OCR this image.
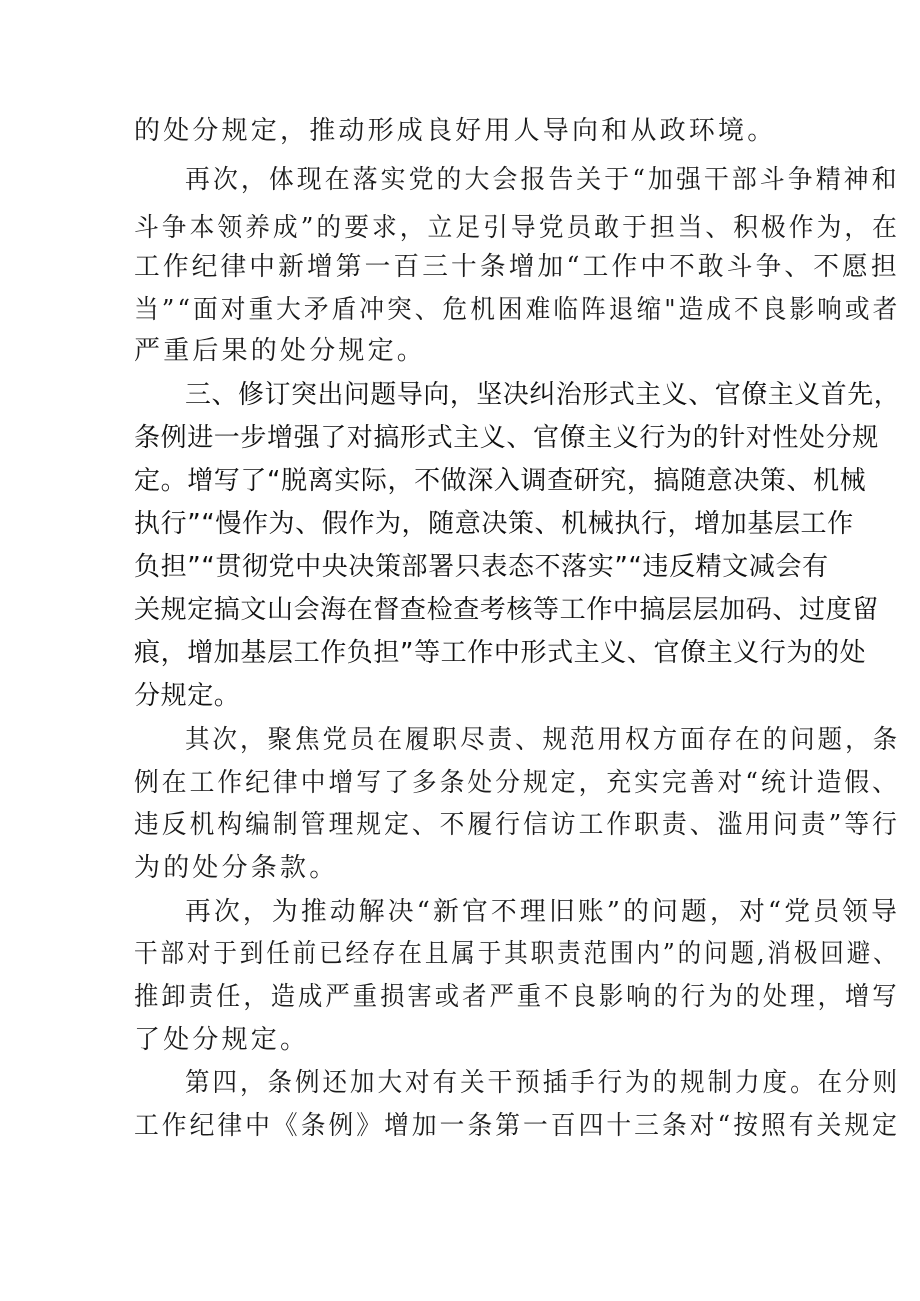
的处分规定，推动形成良好用人导向和从政环境。
再次，体现在落实党的大会报告关于“加强干部斗争精神和
斗争本领养成”的要求，立足引导党员敢于担当、积极作为，在
工作纪律中新增第一百三十条增加“工作中不敢斗争、不愿担
当”“面对重大矛盾冲突、危机困难临阵退缩"造成不良影响或者
严重后果的处分规定。
三、修订突出问题导向，坚决纠治形式主义、官僚主义首先，
条例进一步增强了对搞形式主义、官僚主义行为的针对性处分规
定。增写了“脱离实际，不做深入调查研究，搞随意决策、机械
执行”“慢作为、假作为，随意决策、机械执行，增加基层工作
负担”“贯彻党中央决策部署只表态不落实”“违反精文减会有
关规定搞文山会海在督查检查考核等工作中搞层层加码、过度留
痕，增加基层工作负担”等工作中形式主义、官僚主义行为的处
分规定。
其次，聚焦党员在履职尽责、规范用权方面存在的问题，条
例在工作纪律中增写了多条处分规定，充实完善对“统计造假、
违反机构编制管理规定、不履行信访工作职责、滥用问责”等行
为的处分条款。
再次，为推动解决“新官不理旧账”的问题，对“党员领导
干部对于到任前已经存在且属于其职责范围内”的问题,消极回避、
推卸责任，造成严重损害或者严重不良影响的行为的处理，增写
了处分规定。
第四，条例还加大对有关干预插手行为的规制力度。在分则
工作纪律中《条例》增加一条第一百四十三条对“按照有关规定
